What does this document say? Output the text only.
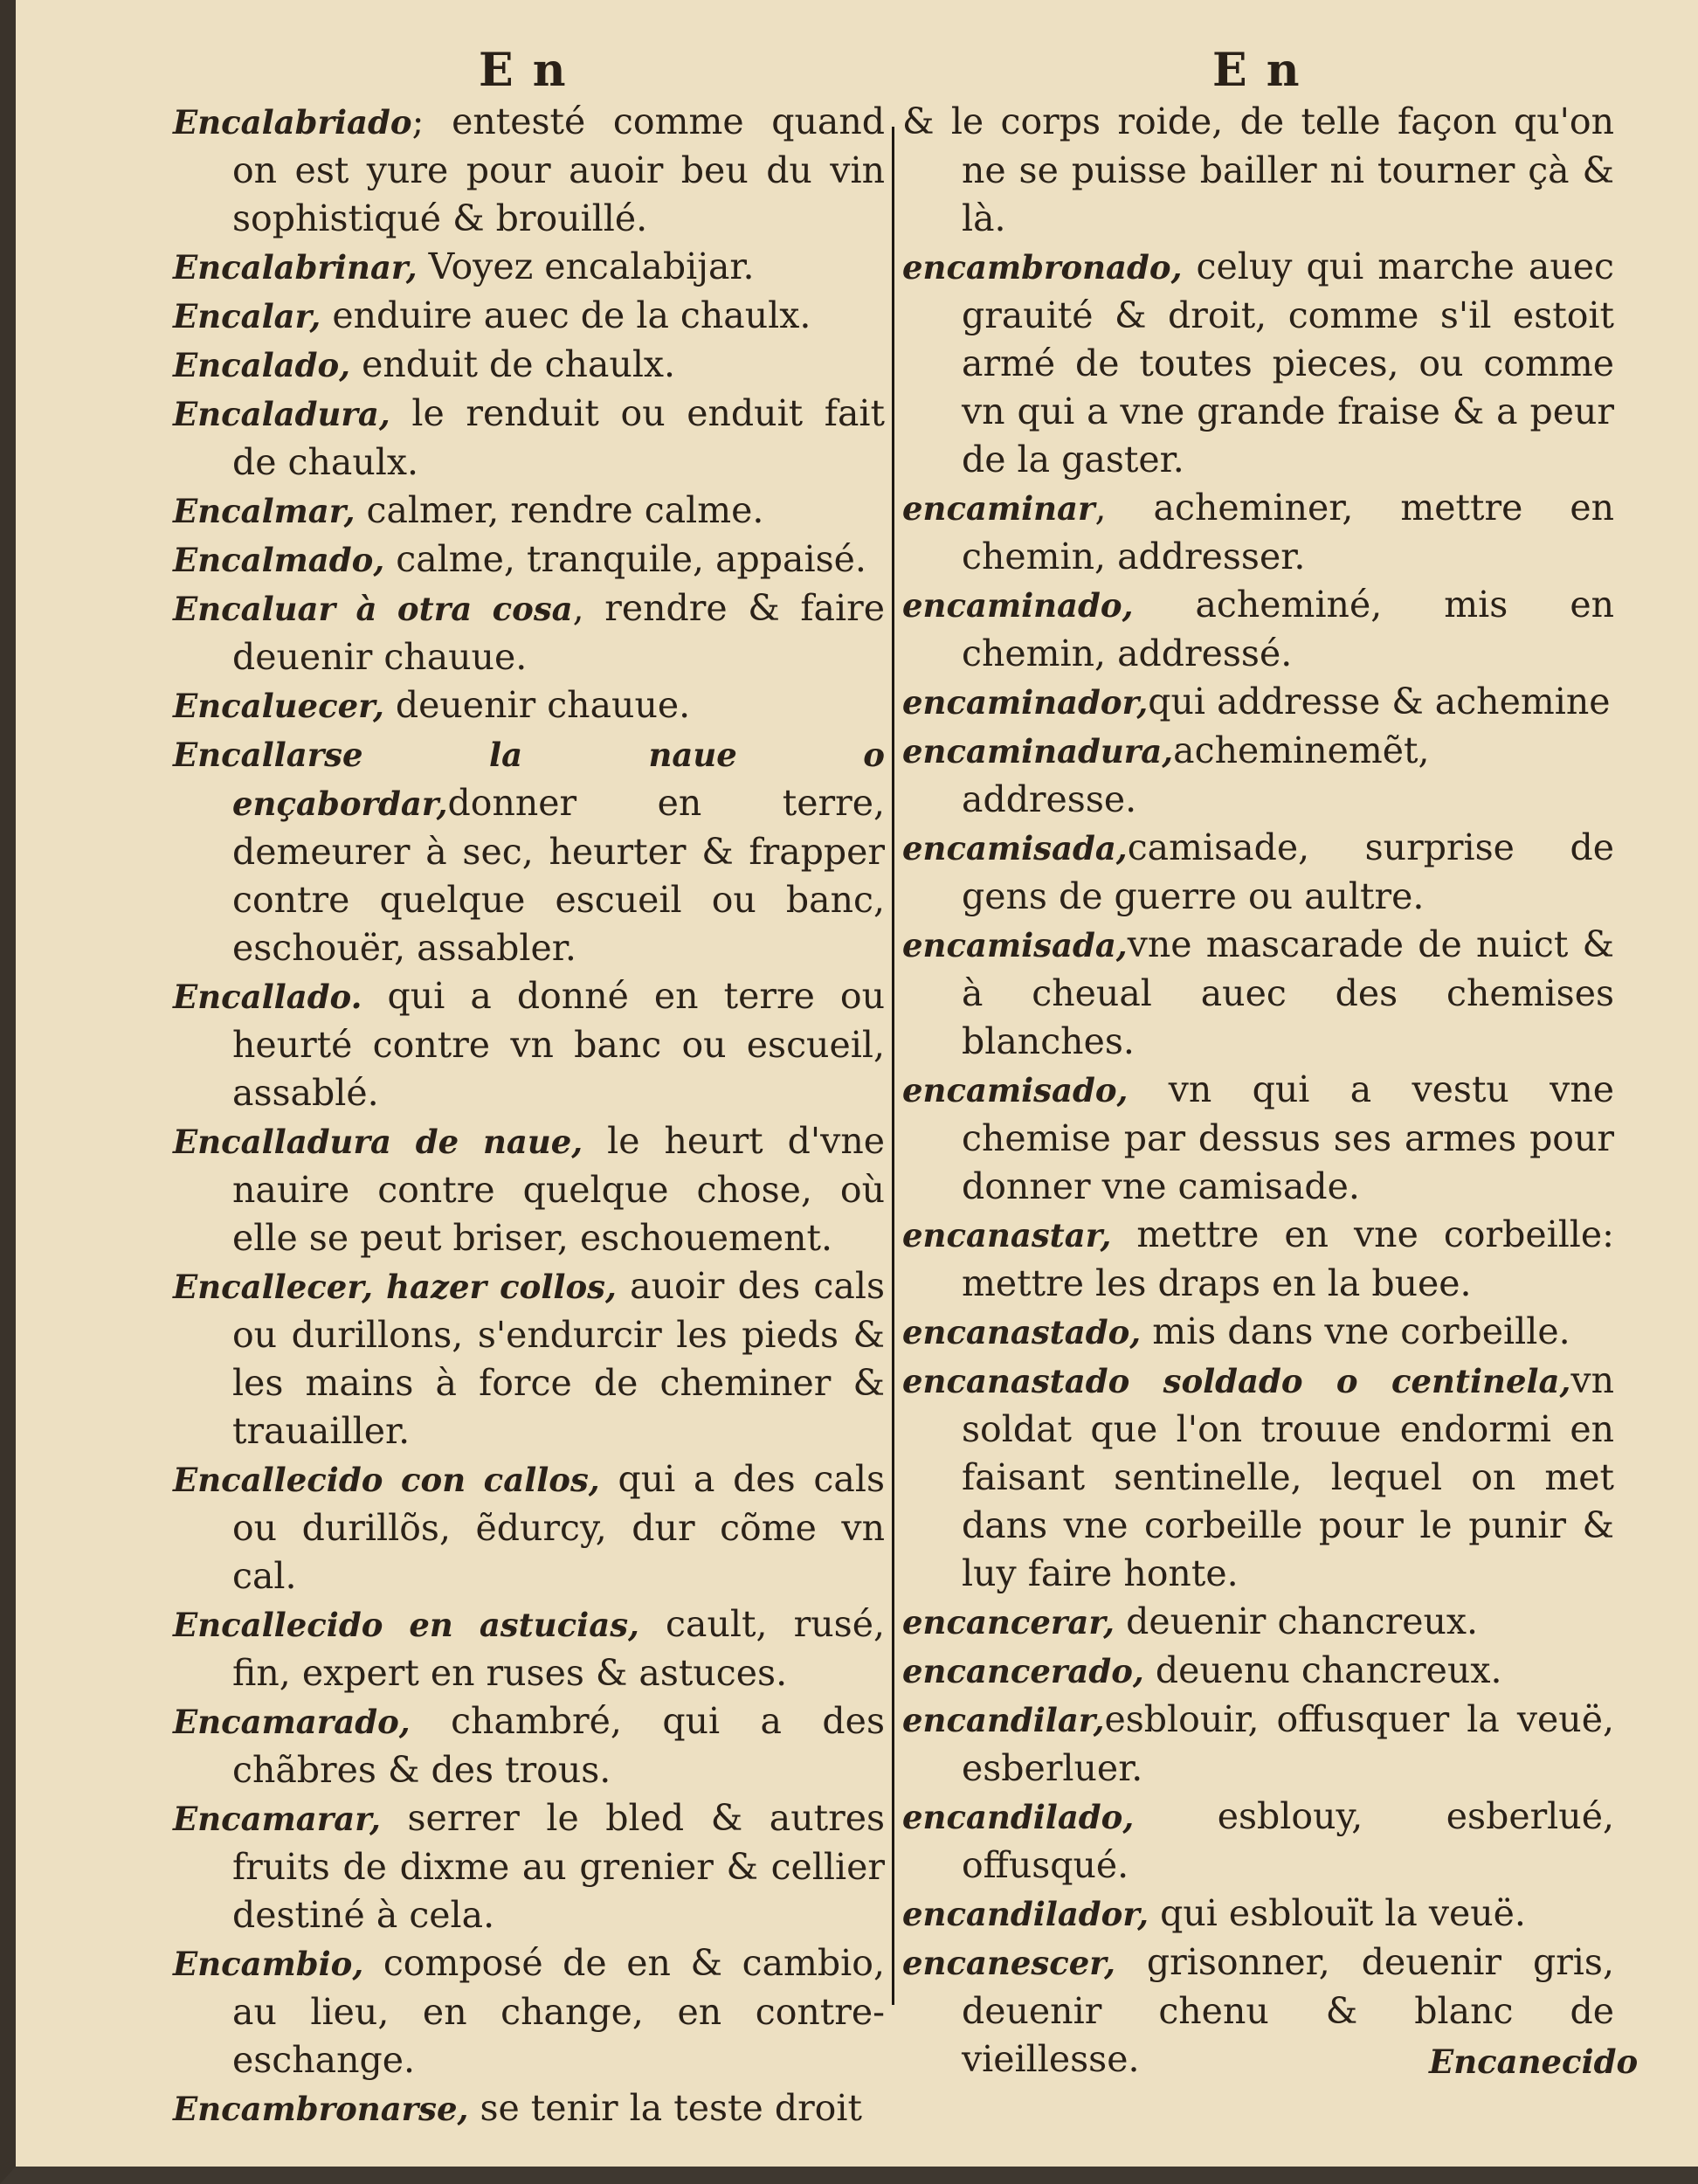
E n	E n
Encalabriado; entesté comme quand on est yure pour auoir beu du vin sophistiqué & brouillé.
Encalabrinar, Voyez encalabijar.
Encalar, enduire auec de la chaulx.
Encalado, enduit de chaulx.
Encaladura, le renduit ou enduit fait de chaulx.
Encalmar, calmer, rendre calme.
Encalmado, calme, tranquile, appaisé.
Encaluar à otra cosa, rendre & faire deuenir chauue.
Encaluecer, deuenir chauue.
Encallarse la naue o ençabordar,donner en terre, demeurer à sec, heurter & frapper contre quelque escueil ou banc, eschouër, assabler.
Encallado. qui a donné en terre ou heurté contre vn banc ou escueil, assablé.
Encalladura de naue, le heurt d'vne nauire contre quelque chose, où elle se peut briser, eschouement.
Encallecer, hazer collos, auoir des cals ou durillons, s'endurcir les pieds & les mains à force de cheminer & trauailler.
Encallecido con callos, qui a des cals ou durillõs, ẽdurcy, dur cõme vn cal.
Encallecido en astucias, cault, rusé, fin, expert en ruses & astuces.
Encamarado, chambré, qui a des chãbres & des trous.
Encamarar, serrer le bled & autres fruits de dixme au grenier & cellier destiné à cela.
Encambio, composé de en & cambio, au lieu, en change, en contre-eschange.
Encambronarse, se tenir la teste droit
& le corps roide, de telle façon qu'on ne se puisse bailler ni tourner çà & là.
encambronado, celuy qui marche auec grauité & droit, comme s'il estoit armé de toutes pieces, ou comme vn qui a vne grande fraise & a peur de la gaster.
encaminar, acheminer, mettre en chemin, addresser.
encaminado, acheminé, mis en chemin, addressé.
encaminador,qui addresse & achemine
encaminadura,acheminemẽt, addresse.
encamisada,camisade, surprise de gens de guerre ou aultre.
encamisada,vne mascarade de nuict & à cheual auec des chemises blanches.
encamisado, vn qui a vestu vne chemise par dessus ses armes pour donner vne camisade.
encanastar, mettre en vne corbeille: mettre les draps en la buee.
encanastado, mis dans vne corbeille.
encanastado soldado o centinela,vn soldat que l'on trouue endormi en faisant sentinelle, lequel on met dans vne corbeille pour le punir & luy faire honte.
encancerar, deuenir chancreux.
encancerado, deuenu chancreux.
encandilar,esblouir, offusquer la veuë, esberluer.
encandilado, esblouy, esberlué, offusqué.
encandilador, qui esblouït la veuë.
encanescer, grisonner, deuenir gris, deuenir chenu & blanc de vieillesse.	Encanecido
